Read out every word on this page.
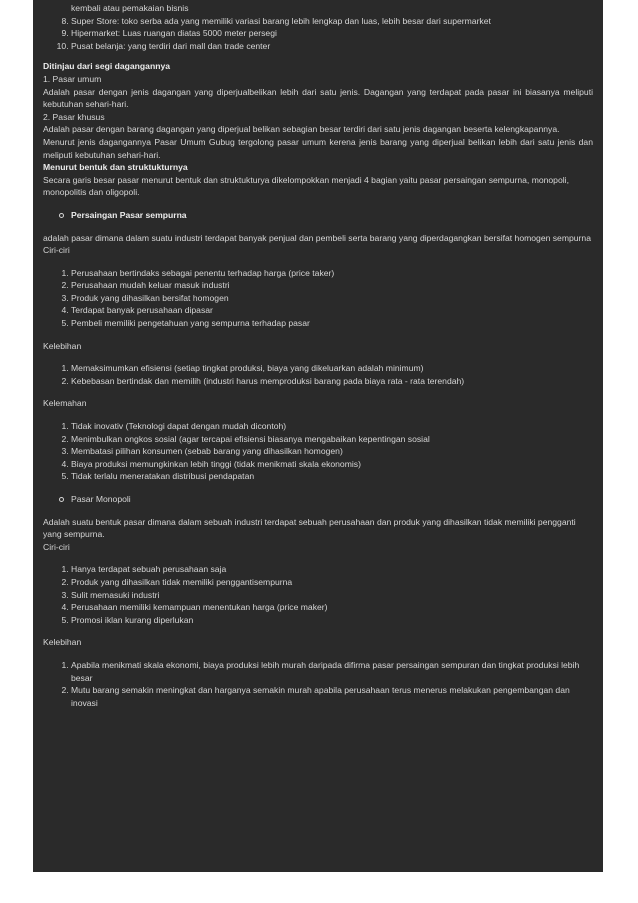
kembali atau pemakaian bisnis
8. Super Store: toko serba ada yang memiliki variasi barang lebih lengkap dan luas, lebih besar dari supermarket
9. Hipermarket: Luas ruangan diatas 5000 meter persegi
10. Pusat belanja: yang terdiri dari mall dan trade center

Ditinjau dari segi dagangannya

1. Pasar umum

Adalah pasar dengan jenis dagangan yang diperjualbelikan lebih dari satu jenis. Dagangan yang terdapat pada pasar ini biasanya meliputi kebutuhan sehari-hari.

2. Pasar khusus

Adalah pasar dengan barang dagangan yang diperjual belikan sebagian besar terdiri dari satu jenis dagangan beserta kelengkapannya.

Menurut jenis dagangannya Pasar Umum Gubug tergolong pasar umum kerena jenis barang yang diperjual belikan lebih dari satu jenis dan meliputi kebutuhan sehari-hari.

Menurut bentuk dan struktukturnya

Secara garis besar pasar menurut bentuk dan struktukturya dikelompokkan menjadi 4 bagian yaitu pasar persaingan sempurna, monopoli, monopolitis dan oligopoli.

Persaingan Pasar sempurna

adalah pasar dimana dalam suatu industri terdapat banyak penjual dan pembeli serta barang yang diperdagangkan bersifat homogen sempurna

Ciri-ciri

1. Perusahaan bertindaks sebagai penentu terhadap harga (price taker)
2. Perusahaan mudah keluar masuk industri
3. Produk yang dihasilkan bersifat homogen
4. Terdapat banyak perusahaan dipasar
5. Pembeli memiliki pengetahuan yang sempurna terhadap pasar

Kelebihan

1. Memaksimumkan efisiensi (setiap tingkat produksi, biaya yang dikeluarkan adalah minimum)
2. Kebebasan bertindak dan memilih (industri harus memproduksi barang pada biaya rata - rata terendah)

Kelemahan

1. Tidak inovativ (Teknologi dapat dengan mudah dicontoh)
2. Menimbulkan ongkos sosial (agar tercapai efisiensi biasanya mengabaikan kepentingan sosial
3. Membatasi pilihan konsumen (sebab barang yang dihasilkan homogen)
4. Biaya produksi memungkinkan lebih tinggi (tidak menikmati skala ekonomis)
5. Tidak terlalu meneratakan distribusi pendapatan
Pasar Monopoli

Adalah suatu bentuk pasar dimana dalam sebuah industri terdapat sebuah perusahaan dan produk yang dihasilkan tidak memiliki pengganti yang sempurna.

Ciri-ciri

1. Hanya terdapat sebuah perusahaan saja
2. Produk yang dihasilkan tidak memiliki penggantisempurna
3. Sulit memasuki industri
4. Perusahaan memiliki kemampuan menentukan harga (price maker)
5. Promosi iklan kurang diperlukan

Kelebihan

1. Apabila menikmati skala ekonomi, biaya produksi lebih murah daripada difirma pasar persaingan sempuran dan tingkat produksi lebih besar
2. Mutu barang semakin meningkat dan harganya semakin murah apabila perusahaan terus menerus melakukan pengembangan dan inovasi
